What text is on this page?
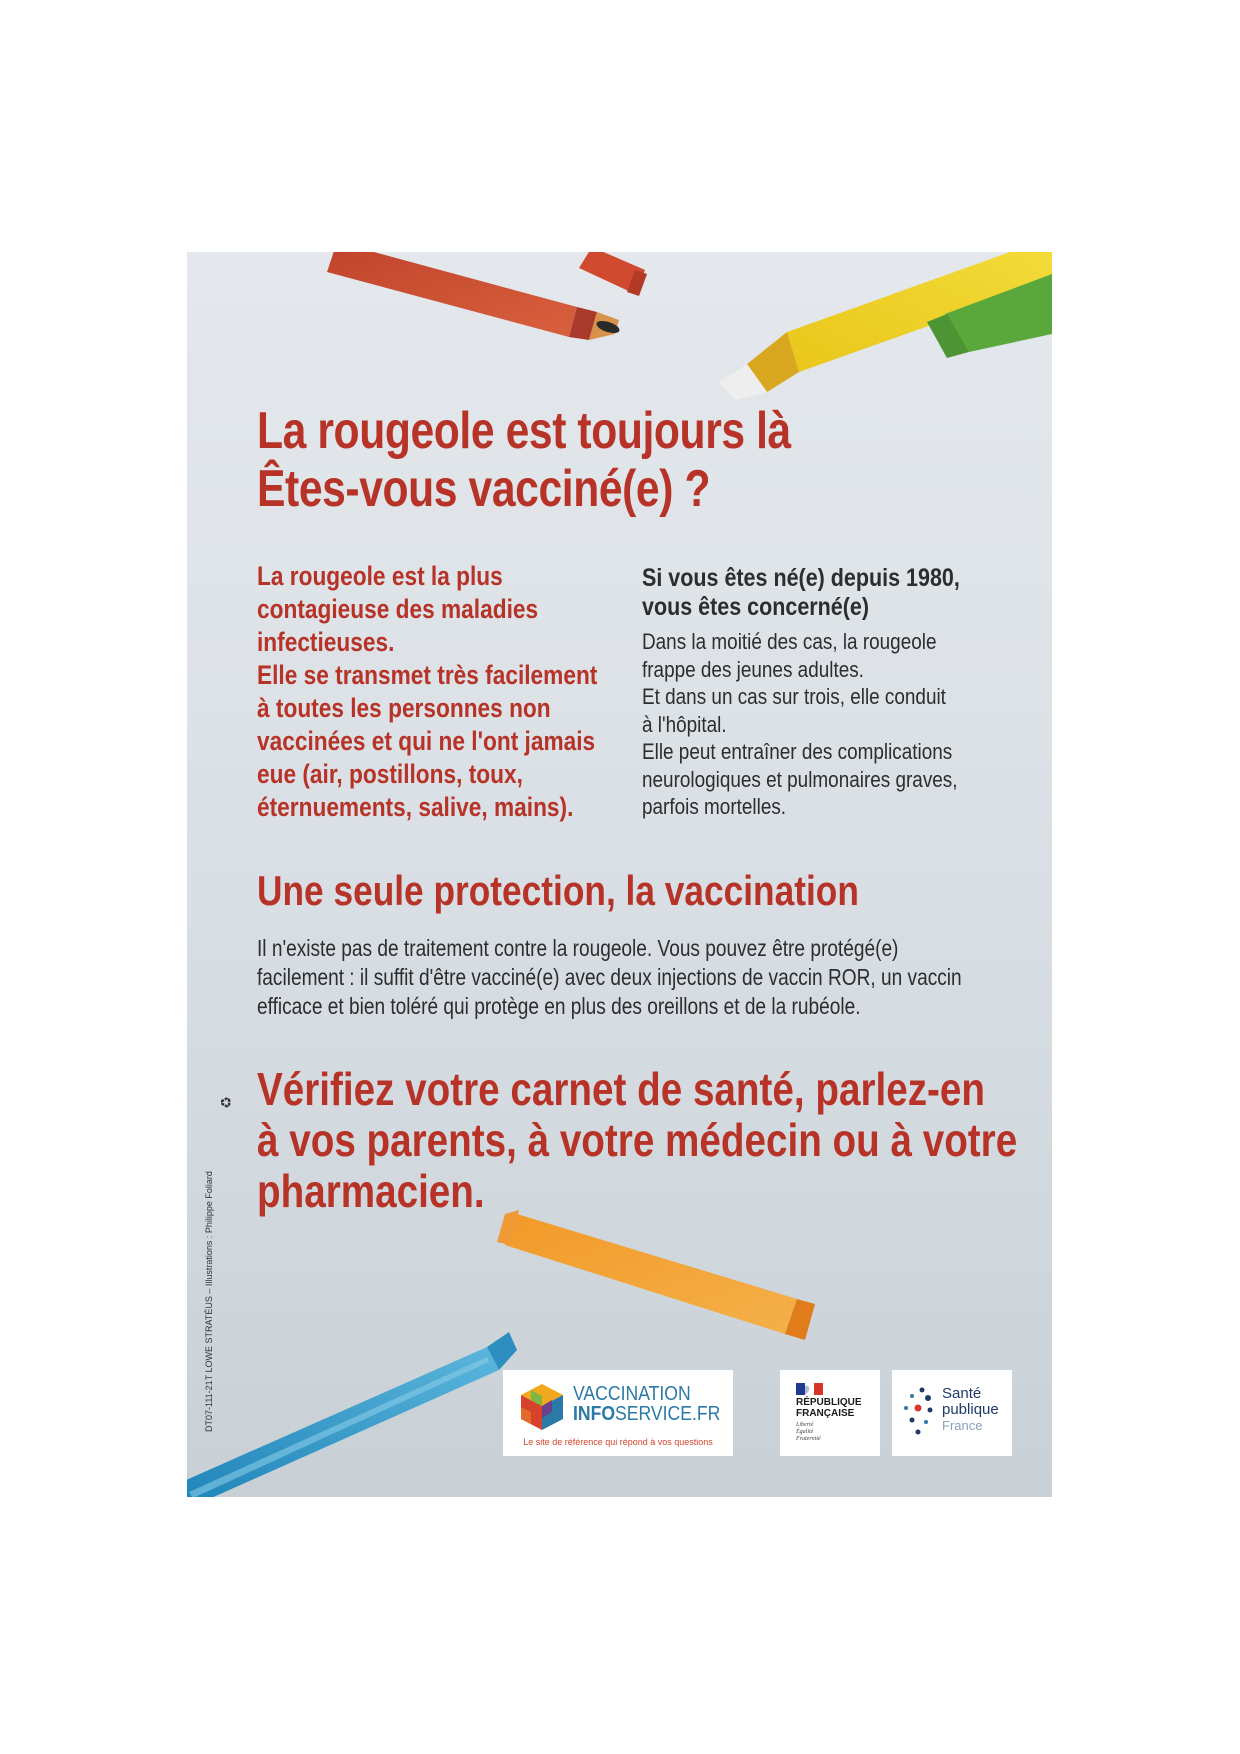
La rougeole est toujours là
Êtes-vous vacciné(e) ?
La rougeole est la plus
contagieuse des maladies
infectieuses.
Elle se transmet très facilement
à toutes les personnes non
vaccinées et qui ne l'ont jamais
eue (air, postillons, toux,
éternuements, salive, mains).
Si vous êtes né(e) depuis 1980,
vous êtes concerné(e)
Dans la moitié des cas, la rougeole
frappe des jeunes adultes.
Et dans un cas sur trois, elle conduit
à l'hôpital.
Elle peut entraîner des complications
neurologiques et pulmonaires graves,
parfois mortelles.
Une seule protection, la vaccination
Il n'existe pas de traitement contre la rougeole. Vous pouvez être protégé(e)
facilement : il suffit d'être vacciné(e) avec deux injections de vaccin ROR, un vaccin
efficace et bien toléré qui protège en plus des oreillons et de la rubéole.
Vérifiez votre carnet de santé, parlez-en
à vos parents, à votre médecin ou à votre
pharmacien.
VACCINATION
INFOSERVICE.FR
Le site de référence qui répond à vos questions
RÉPUBLIQUE
FRANÇAISE
Liberté
Égalité
Fraternité
Santé
publique
France
♻
DT07-111-21T LOWE STRATÉUS – Illustrations : Philippe Foliard
